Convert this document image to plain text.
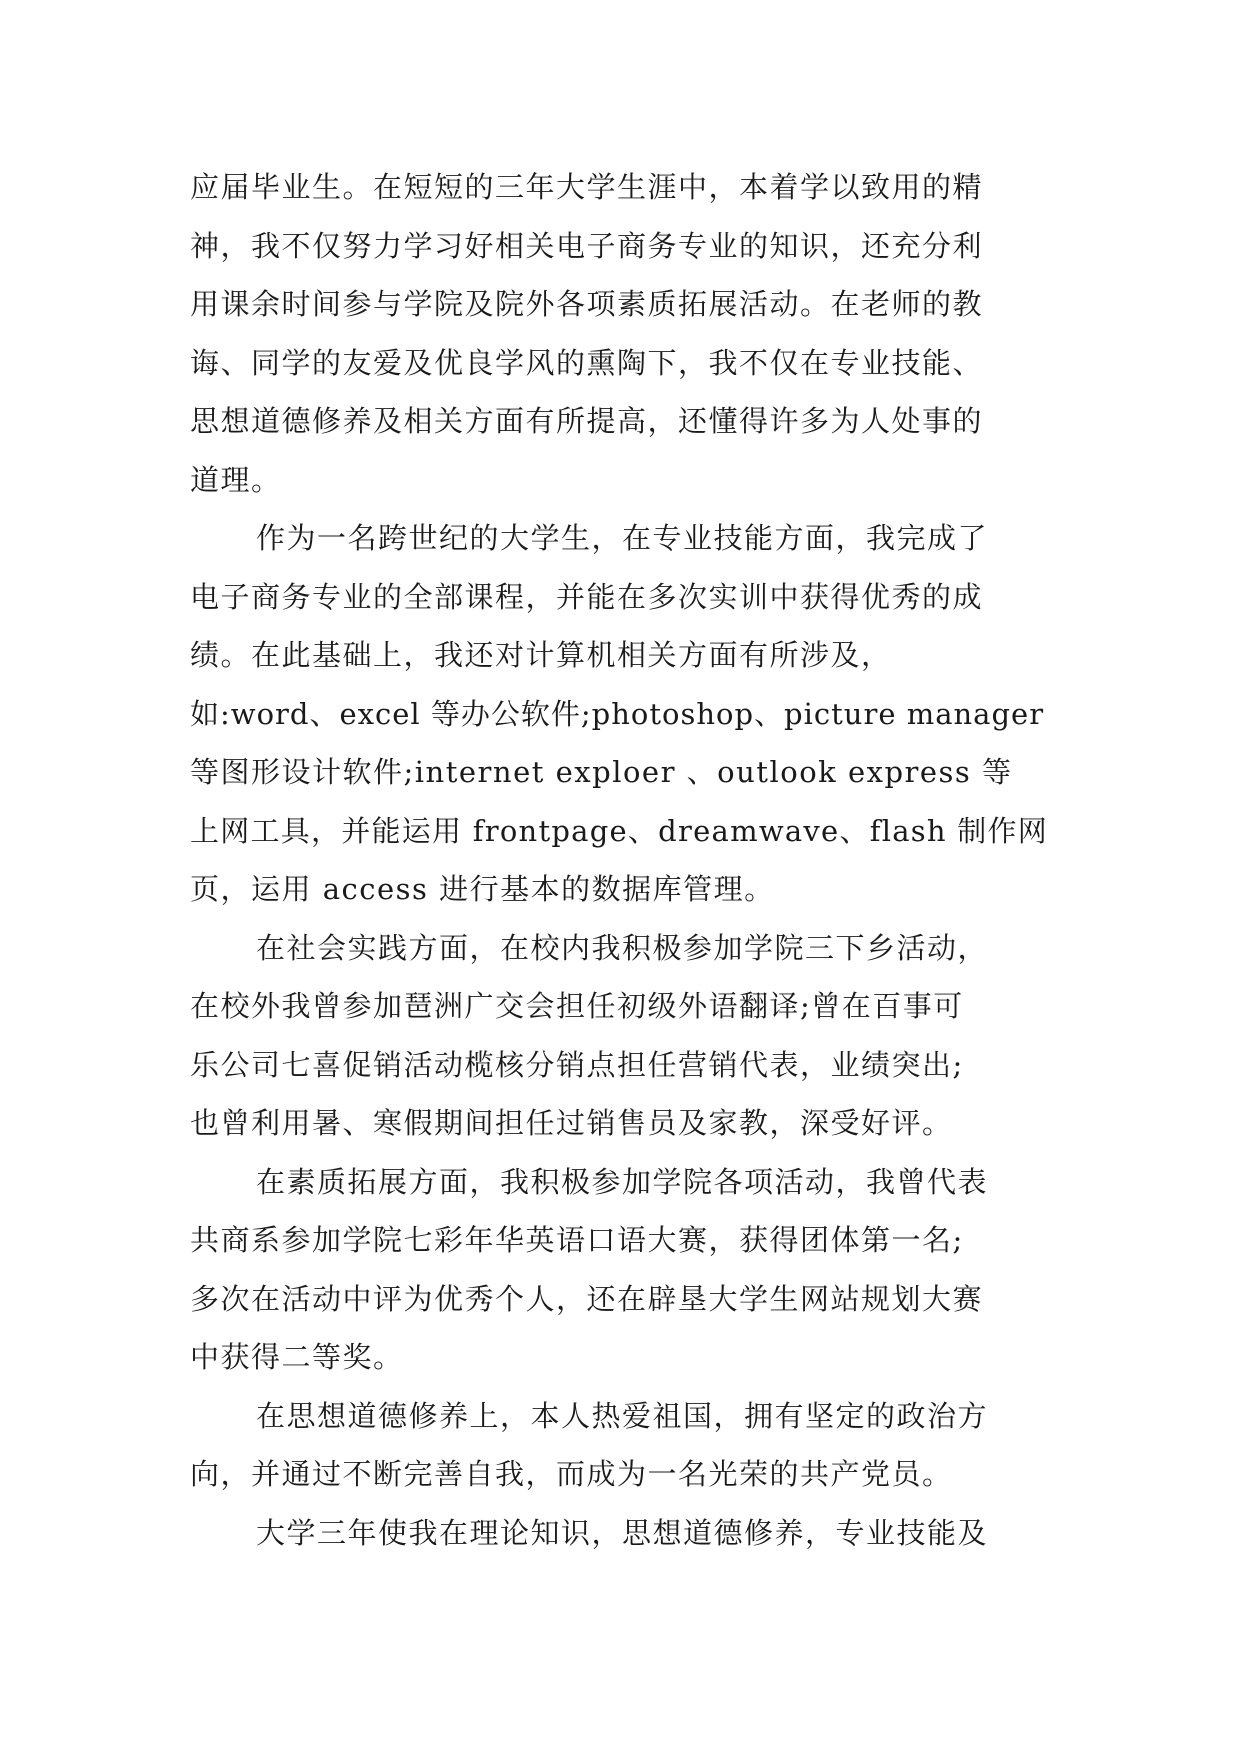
应届毕业生。在短短的三年大学生涯中，本着学以致用的精
神，我不仅努力学习好相关电子商务专业的知识，还充分利
用课余时间参与学院及院外各项素质拓展活动。在老师的教
诲、同学的友爱及优良学风的熏陶下，我不仅在专业技能、
思想道德修养及相关方面有所提高，还懂得许多为人处事的
道理。
作为一名跨世纪的大学生，在专业技能方面，我完成了
电子商务专业的全部课程，并能在多次实训中获得优秀的成
绩。在此基础上，我还对计算机相关方面有所涉及，
如:word、excel 等办公软件;photoshop、picture manager
等图形设计软件;internet exploer 、outlook express 等
上网工具，并能运用 frontpage、dreamwave、flash 制作网
页，运用 access 进行基本的数据库管理。
在社会实践方面，在校内我积极参加学院三下乡活动，
在校外我曾参加琶洲广交会担任初级外语翻译;曾在百事可
乐公司七喜促销活动榄核分销点担任营销代表，业绩突出;
也曾利用暑、寒假期间担任过销售员及家教，深受好评。
在素质拓展方面，我积极参加学院各项活动，我曾代表
共商系参加学院七彩年华英语口语大赛，获得团体第一名;
多次在活动中评为优秀个人，还在辟垦大学生网站规划大赛
中获得二等奖。
在思想道德修养上，本人热爱祖国，拥有坚定的政治方
向，并通过不断完善自我，而成为一名光荣的共产党员。
大学三年使我在理论知识，思想道德修养，专业技能及
